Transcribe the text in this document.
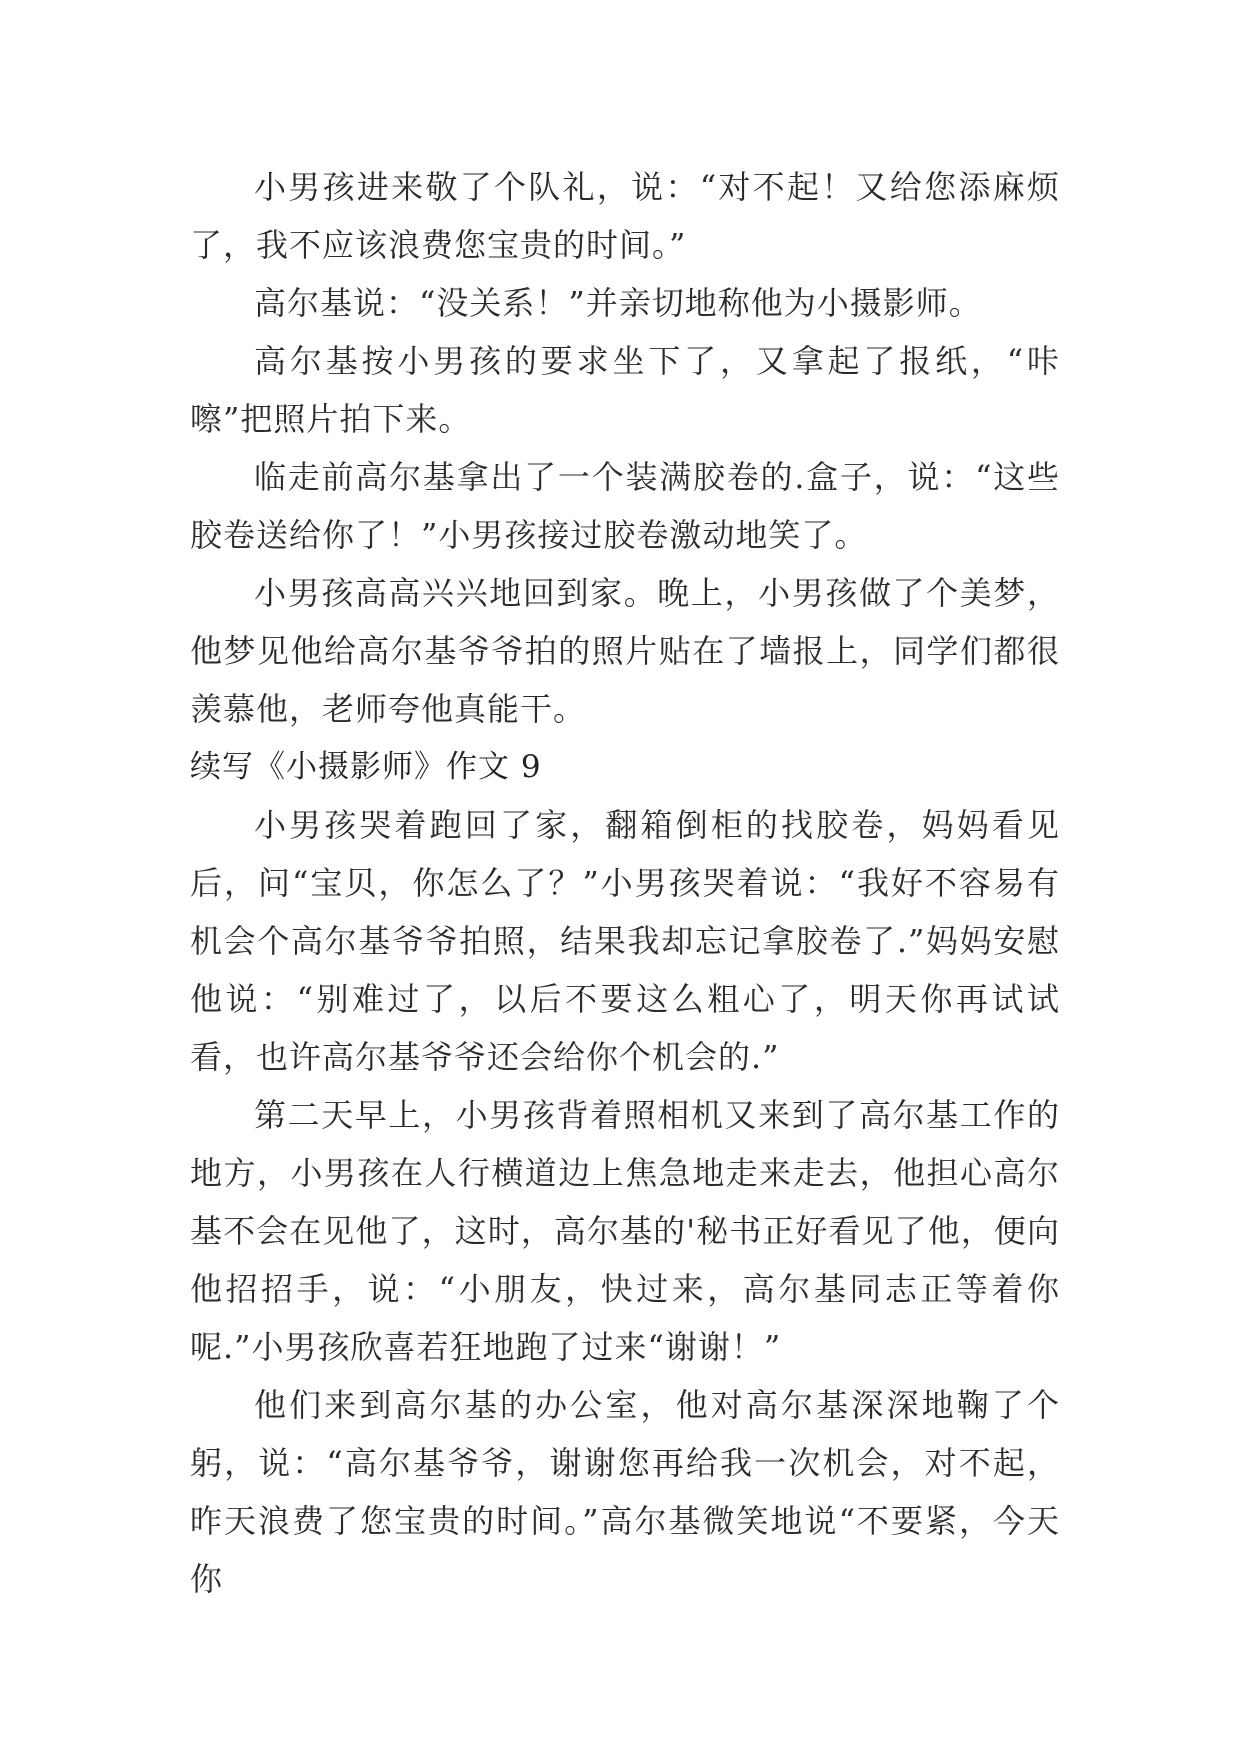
小男孩进来敬了个队礼，说：“对不起！又给您添麻烦了，我不应该浪费您宝贵的时间。”

高尔基说：“没关系！”并亲切地称他为小摄影师。

高尔基按小男孩的要求坐下了，又拿起了报纸，“咔嚓”把照片拍下来。

临走前高尔基拿出了一个装满胶卷的.盒子，说：“这些胶卷送给你了！”小男孩接过胶卷激动地笑了。

小男孩高高兴兴地回到家。晚上，小男孩做了个美梦，他梦见他给高尔基爷爷拍的照片贴在了墙报上，同学们都很羡慕他，老师夸他真能干。

续写《小摄影师》作文 9

小男孩哭着跑回了家，翻箱倒柜的找胶卷，妈妈看见后，问“宝贝，你怎么了？”小男孩哭着说：“我好不容易有机会个高尔基爷爷拍照，结果我却忘记拿胶卷了.”妈妈安慰他说：“别难过了，以后不要这么粗心了，明天你再试试看，也许高尔基爷爷还会给你个机会的.”

第二天早上，小男孩背着照相机又来到了高尔基工作的地方，小男孩在人行横道边上焦急地走来走去，他担心高尔基不会在见他了，这时，高尔基的'秘书正好看见了他，便向他招招手，说：“小朋友，快过来，高尔基同志正等着你呢.”小男孩欣喜若狂地跑了过来“谢谢！”

他们来到高尔基的办公室，他对高尔基深深地鞠了个躬，说：“高尔基爷爷，谢谢您再给我一次机会，对不起，昨天浪费了您宝贵的时间。”高尔基微笑地说“不要紧，今天你
